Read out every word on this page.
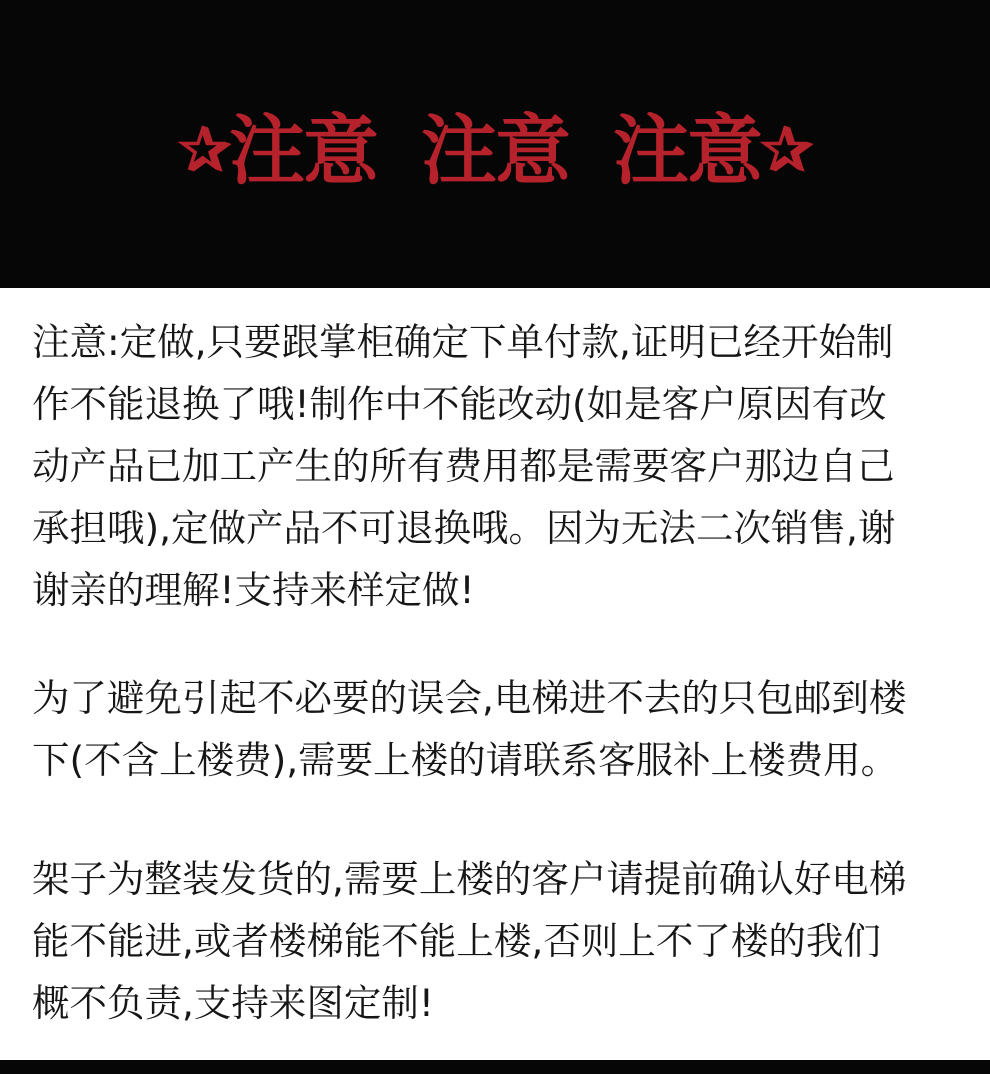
✰注意 注意 注意✰

注意:定做,只要跟掌柜确定下单付款,证明已经开始制
作不能退换了哦!制作中不能改动(如是客户原因有改
动产品已加工产生的所有费用都是需要客户那边自己
承担哦),定做产品不可退换哦。因为无法二次销售,谢
谢亲的理解!支持来样定做!

为了避免引起不必要的误会,电梯进不去的只包邮到楼
下(不含上楼费),需要上楼的请联系客服补上楼费用。

架子为整装发货的,需要上楼的客户请提前确认好电梯
能不能进,或者楼梯能不能上楼,否则上不了楼的我们
概不负责,支持来图定制!
